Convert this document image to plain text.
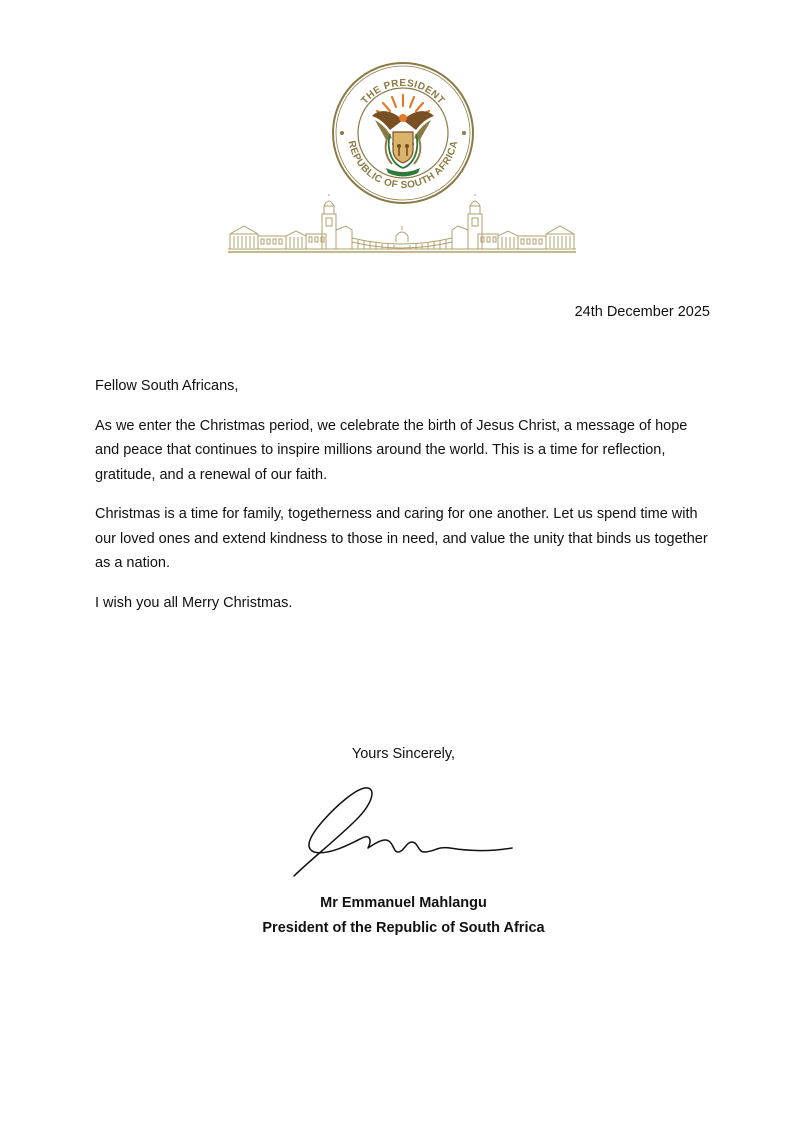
THE PRESIDENT
REPUBLIC OF SOUTH AFRICA
24th December 2025

Fellow South Africans,

As we enter the Christmas period, we celebrate the birth of Jesus Christ, a message of hope and peace that continues to inspire millions around the world. This is a time for reflection, gratitude, and a renewal of our faith.

Christmas is a time for family, togetherness and caring for one another. Let us spend time with our loved ones and extend kindness to those in need, and value the unity that binds us together as a nation.

I wish you all Merry Christmas.

Yours Sincerely,
Mr Emmanuel Mahlangu
President of the Republic of South Africa
